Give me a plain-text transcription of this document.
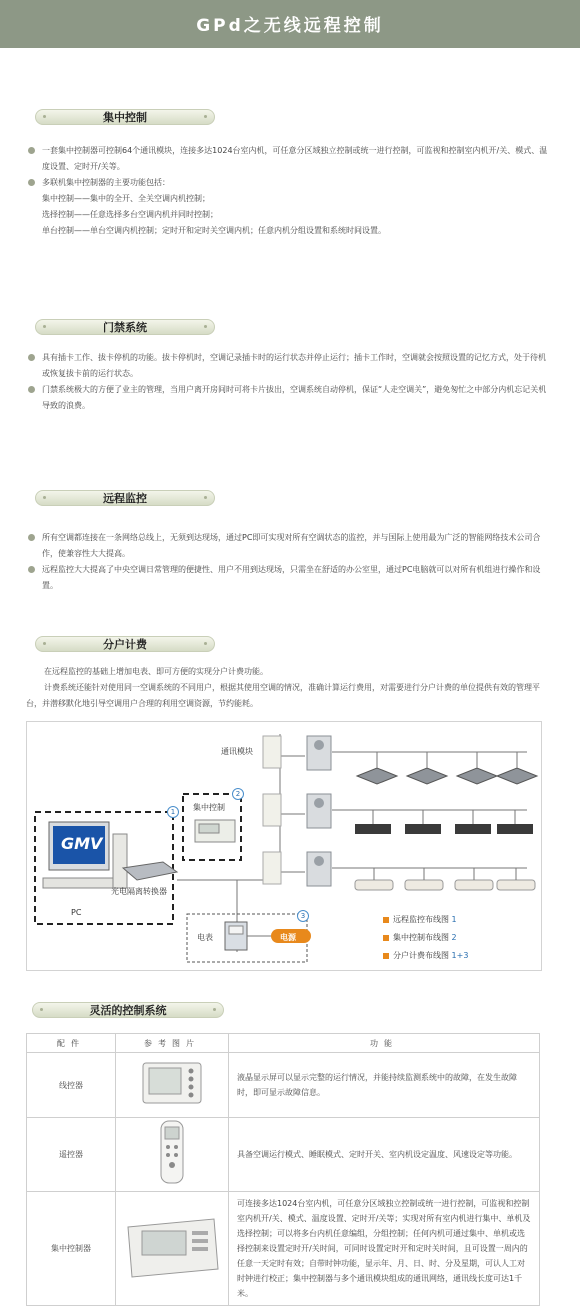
GPd之无线远程控制
集中控制
一套集中控制器可控制64个通讯模块，连接多达1024台室内机，可任意分区域独立控制或统一进行控制，可监视和控制室内机开/关、模式、温度设置、定时开/关等。
多联机集中控制器的主要功能包括：
集中控制——集中的全开、全关空调内机控制；
选择控制——任意选择多台空调内机并同时控制；
单台控制——单台空调内机控制；定时开和定时关空调内机；任意内机分组设置和系统时间设置。
门禁系统
具有插卡工作、拔卡停机的功能。拔卡停机时，空调记录插卡时的运行状态并停止运行；插卡工作时，空调就会按照设置的记忆方式，处于待机或恢复拔卡前的运行状态。
门禁系统极大的方便了业主的管理，当用户离开房间时可将卡片拔出，空调系统自动停机，保证“人走空调关”，避免匆忙之中部分内机忘记关机导致的浪费。
远程监控
所有空调都连接在一条网络总线上，无须到达现场，通过PC即可实现对所有空调状态的监控，并与国际上使用最为广泛的智能网络技术公司合作，使兼容性大大提高。
远程监控大大提高了中央空调日常管理的便捷性、用户不用到达现场，只需坐在舒适的办公室里，通过PC电脑就可以对所有机组进行操作和设置。
分户计费
在远程监控的基础上增加电表、即可方便的实现分户计费功能。
计费系统还能针对使用同一空调系统的不同用户，根据其使用空调的情况，准确计算运行费用，对需要进行分户计费的单位提供有效的管理平台，并潜移默化地引导空调用户合理的利用空调资源，节约能耗。
通讯模块
集中控制
光电隔离转换器
PC
电表	电源
GMV
1
2
3	远程监控布线图 1
集中控制布线图 2
分户计费布线图 1+3
灵活的控制系统
配件	参考图片	功能
线控器		液晶显示屏可以显示完整的运行情况，并能持续监测系统中的故障，在发生故障时，即可显示故障信息。
遥控器		具备空调运行模式、睡眠模式、定时开关、室内机设定温度、风速设定等功能。
集中控制器		可连接多达1024台室内机，可任意分区域独立控制或统一进行控制，可监视和控制室内机开/关、模式、温度设置、定时开/关等；实现对所有室内机进行集中、单机及选择控制；可以将多台内机任意编组，分组控制；任何内机可通过集中、单机或选择控制来设置定时开/关时间，可同时设置定时开和定时关时间，且可设置一周内的任意一天定时有效；自带时钟功能，显示年、月、日、时、分及星期，可认人工对时钟进行校正；集中控制器与多个通讯模块组成的通讯网络，通讯线长度可达1千米。
